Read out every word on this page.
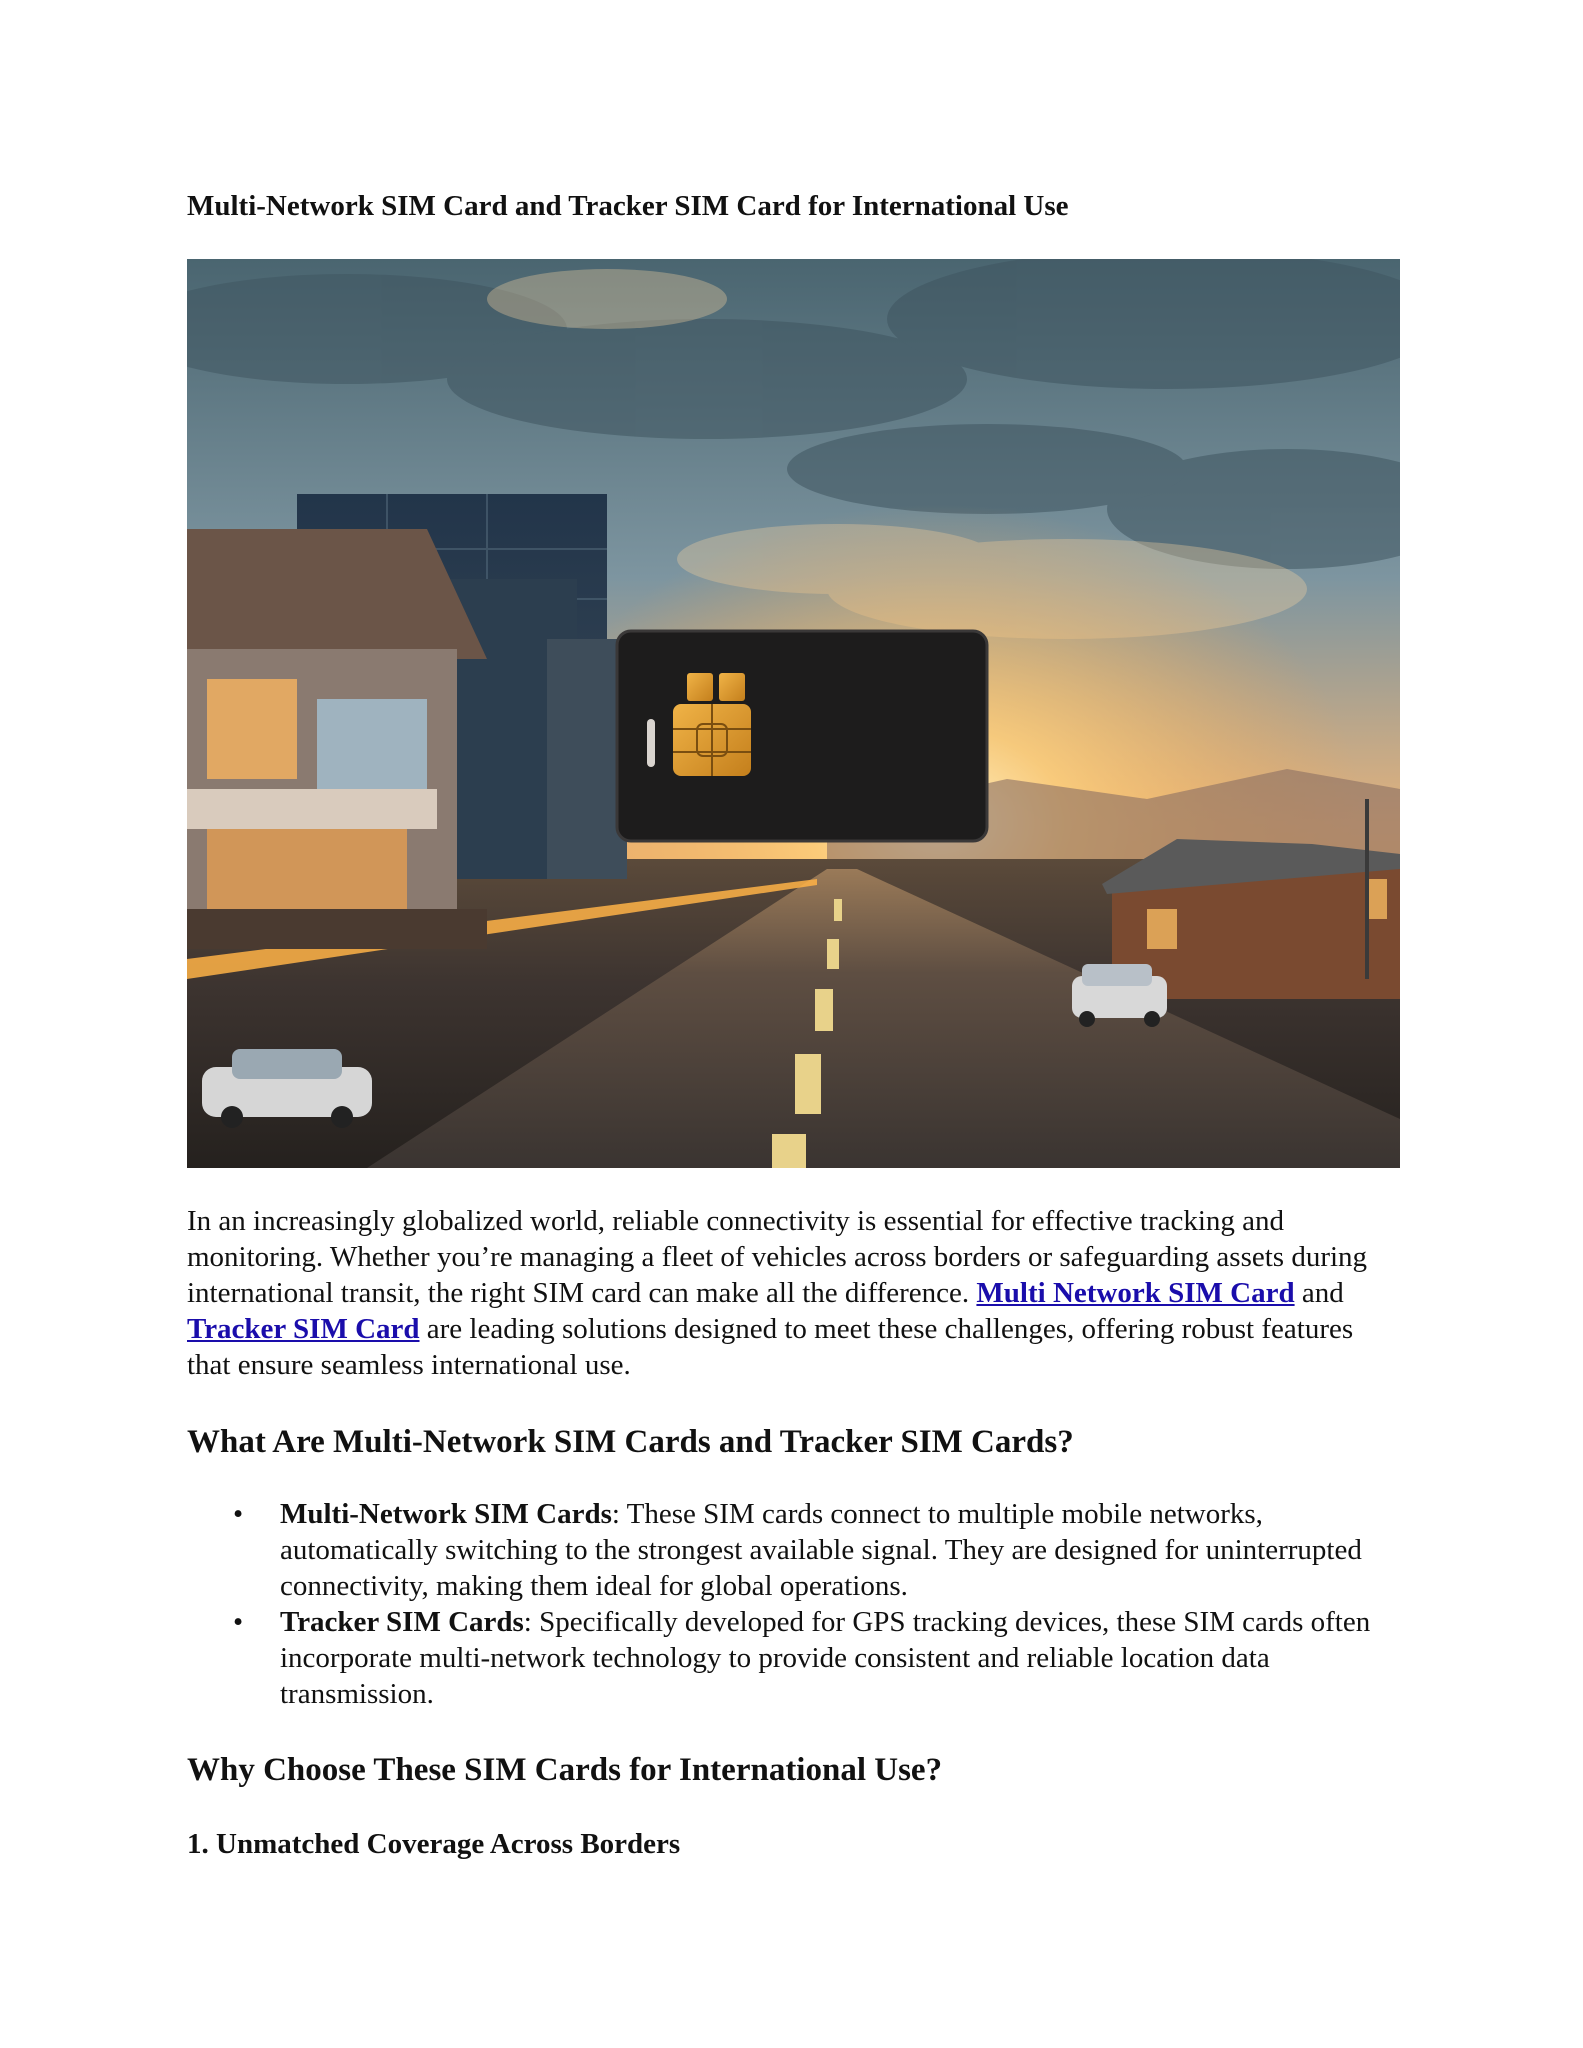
Multi-Network SIM Card and Tracker SIM Card for International Use

In an increasingly globalized world, reliable connectivity is essential for effective tracking and monitoring. Whether you’re managing a fleet of vehicles across borders or safeguarding assets during international transit, the right SIM card can make all the difference. Multi Network SIM Card and Tracker SIM Card are leading solutions designed to meet these challenges, offering robust features that ensure seamless international use.

What Are Multi-Network SIM Cards and Tracker SIM Cards?
• Multi-Network SIM Cards: These SIM cards connect to multiple mobile networks, automatically switching to the strongest available signal. They are designed for uninterrupted connectivity, making them ideal for global operations.
• Tracker SIM Cards: Specifically developed for GPS tracking devices, these SIM cards often incorporate multi-network technology to provide consistent and reliable location data transmission.
Why Choose These SIM Cards for International Use?
1. Unmatched Coverage Across Borders
